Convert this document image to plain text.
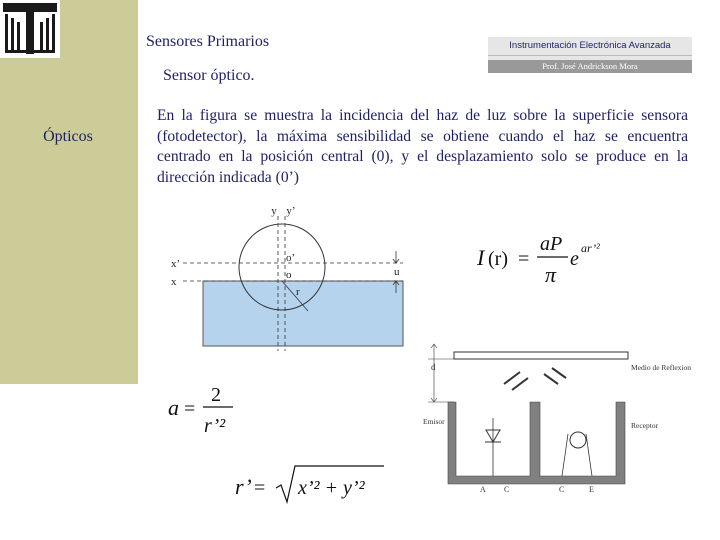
Ópticos
Sensores Primarios
Sensor óptico.
Instrumentación Electrónica Avanzada
Prof. José Andrickson Mora

En la figura se muestra la incidencia del haz de luz sobre la superficie sensora (fotodetector), la máxima sensibilidad se obtiene cuando el haz se encuentra centrado en la posición central (0), y el desplazamiento solo se produce en la dirección indicada (0’)

y y’
x’
x
o’
o
r
u
I (r) =
aP
π
e ar’²
a =
2
r’²
r’ = x’² + y’²
d	Medio de Reflexion
Emisor	Receptor
A C	C	E
